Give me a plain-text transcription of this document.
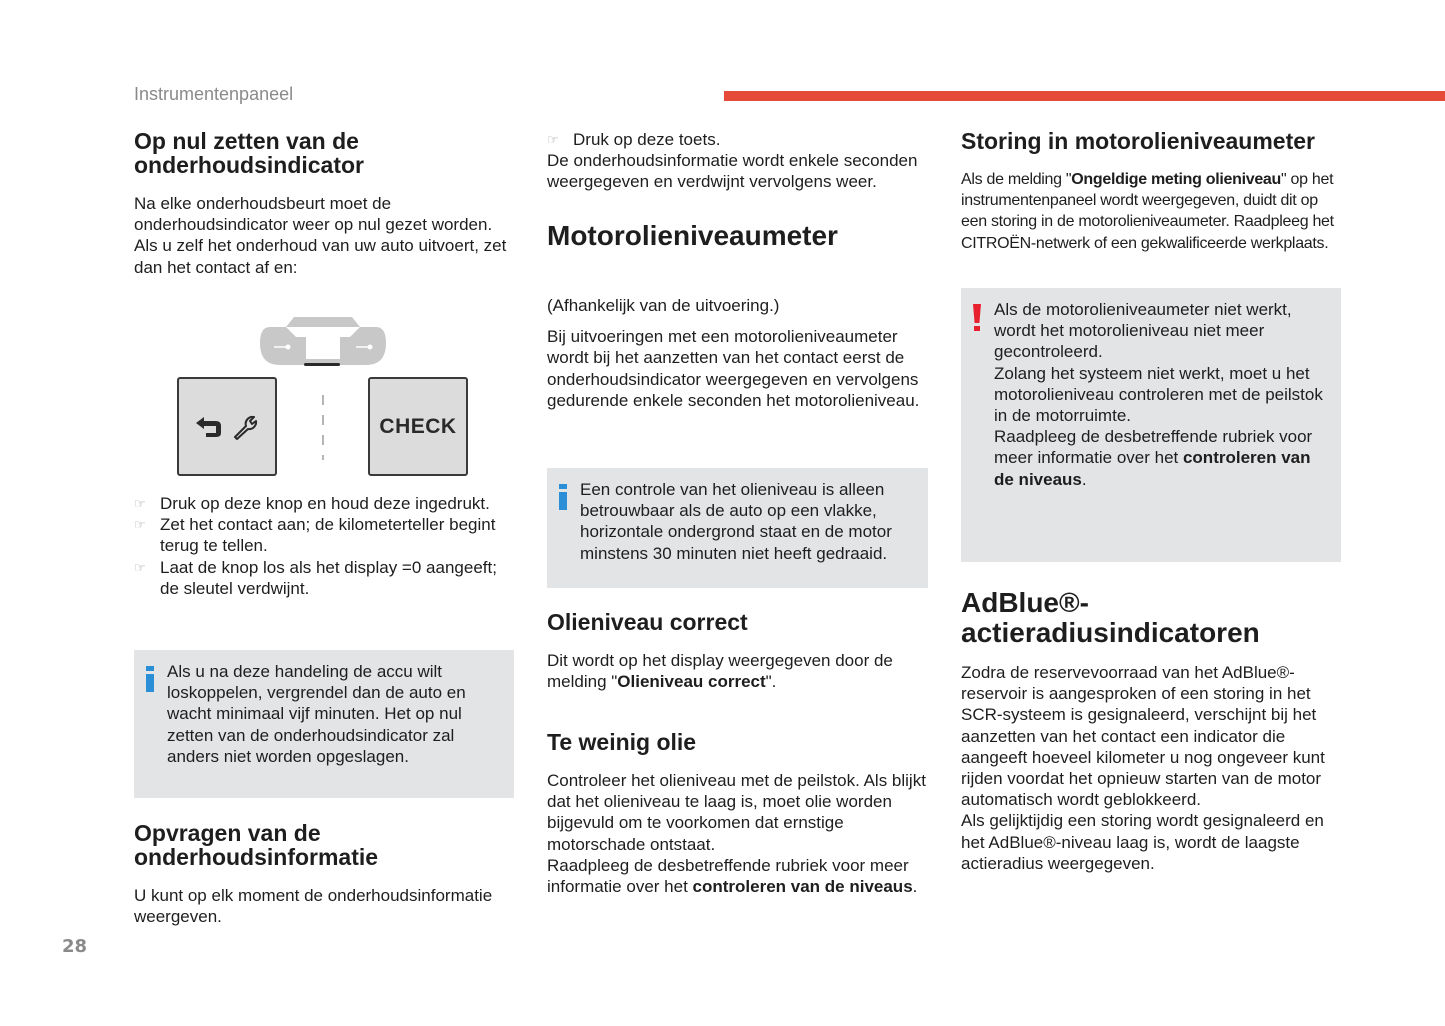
Instrumentenpaneel
Op nul zetten van de onderhoudsindicator

Na elke onderhoudsbeurt moet de onderhoudsindicator weer op nul gezet worden. Als u zelf het onderhoud van uw auto uitvoert, zet dan het contact af en:

CHECK
☞ Druk op deze knop en houd deze ingedrukt.
☞ Zet het contact aan; de kilometerteller begint terug te tellen.
☞ Laat de knop los als het display =0 aangeeft; de sleutel verdwijnt.

Als u na deze handeling de accu wilt loskoppelen, vergrendel dan de auto en wacht minimaal vijf minuten. Het op nul zetten van de onderhoudsindicator zal anders niet worden opgeslagen.

Opvragen van de onderhoudsinformatie

U kunt op elk moment de onderhoudsinformatie weergeven.

28
☞ Druk op deze toets.

De onderhoudsinformatie wordt enkele seconden weergegeven en verdwijnt vervolgens weer.

Motorolieniveaumeter

(Afhankelijk van de uitvoering.)

Bij uitvoeringen met een motorolieniveaumeter wordt bij het aanzetten van het contact eerst de onderhoudsindicator weergegeven en vervolgens gedurende enkele seconden het motorolieniveau.

Een controle van het olieniveau is alleen betrouwbaar als de auto op een vlakke, horizontale ondergrond staat en de motor minstens 30 minuten niet heeft gedraaid.

Olieniveau correct

Dit wordt op het display weergegeven door de melding "Olieniveau correct".

Te weinig olie

Controleer het olieniveau met de peilstok. Als blijkt dat het olieniveau te laag is, moet olie worden bijgevuld om te voorkomen dat ernstige motorschade ontstaat.

Raadpleeg de desbetreffende rubriek voor meer informatie over het controleren van de niveaus.

Storing in motorolieniveaumeter

Als de melding "Ongeldige meting olieniveau" op het instrumentenpaneel wordt weergegeven, duidt dit op een storing in de motorolieniveaumeter. Raadpleeg het CITROËN-netwerk of een gekwalificeerde werkplaats.

Als de motorolieniveaumeter niet werkt, wordt het motorolieniveau niet meer gecontroleerd.

Zolang het systeem niet werkt, moet u het motorolieniveau controleren met de peilstok in de motorruimte.

Raadpleeg de desbetreffende rubriek voor meer informatie over het controleren van de niveaus.

AdBlue®-
actieradiusindicatoren

Zodra de reservevoorraad van het AdBlue®-reservoir is aangesproken of een storing in het SCR-systeem is gesignaleerd, verschijnt bij het aanzetten van het contact een indicator die aangeeft hoeveel kilometer u nog ongeveer kunt rijden voordat het opnieuw starten van de motor automatisch wordt geblokkeerd.

Als gelijktijdig een storing wordt gesignaleerd en het AdBlue®-niveau laag is, wordt de laagste actieradius weergegeven.
